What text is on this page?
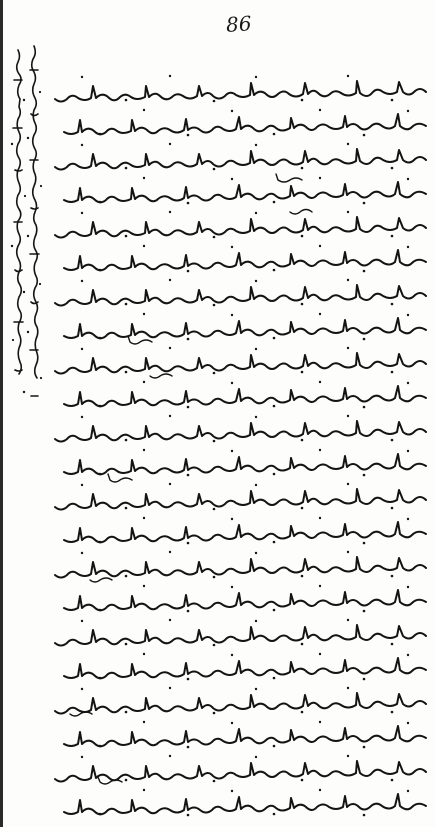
86
